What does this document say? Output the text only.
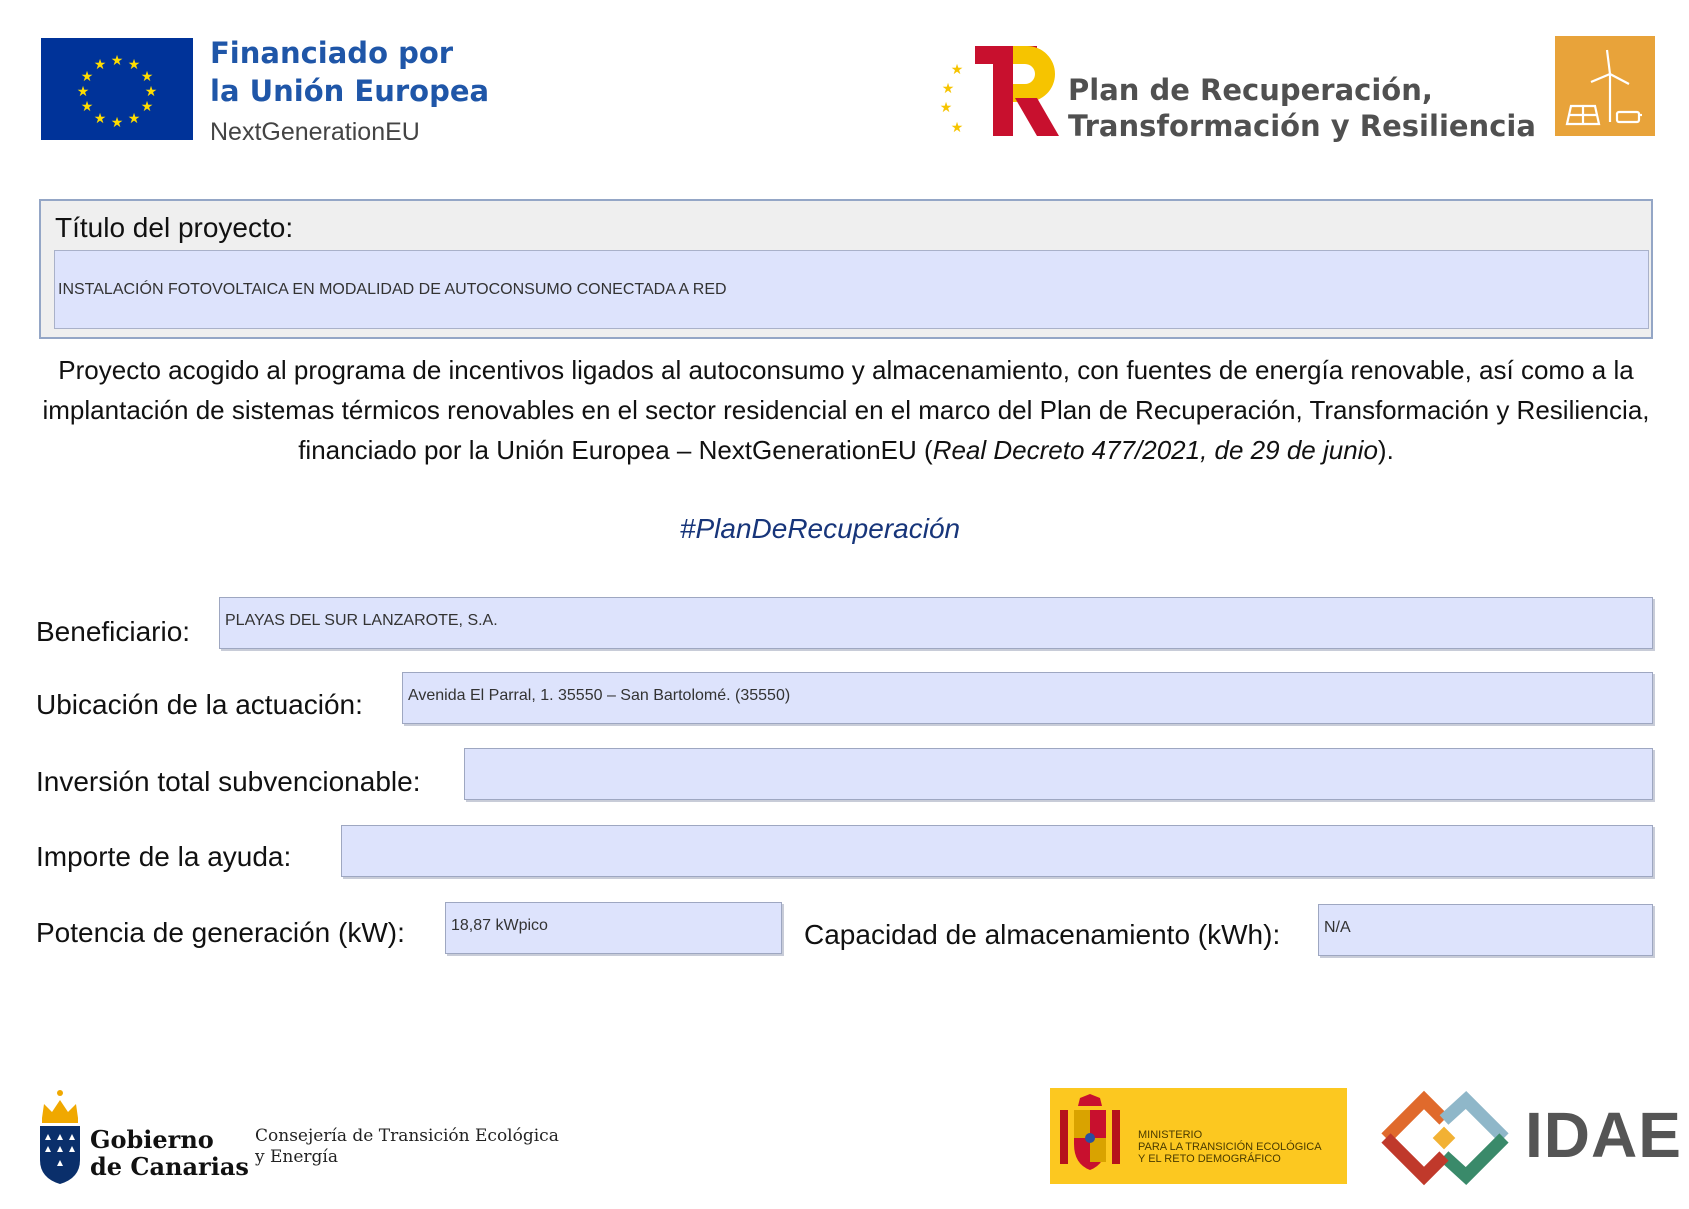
★ ★
★
★
★
★
★
★
★
★
★
★	Financiado por
la Unión Europea
NextGenerationEU
★
★
★
★
Plan de Recuperación,
Transformación y Resiliencia
Título del proyecto:
INSTALACIÓN FOTOVOLTAICA EN MODALIDAD DE AUTOCONSUMO CONECTADA A RED
Proyecto acogido al programa de incentivos ligados al autoconsumo y almacenamiento, con fuentes de energía renovable, así como a la implantación de sistemas térmicos renovables en el sector residencial en el marco del Plan de Recuperación, Transformación y Resiliencia, financiado por la Unión Europea – NextGenerationEU (Real Decreto 477/2021, de 29 de junio).
#PlanDeRecuperación
Beneficiario:	PLAYAS DEL SUR LANZAROTE, S.A.
Ubicación de la actuación:	Avenida El Parral, 1. 35550 – San Bartolomé. (35550)
Inversión total subvencionable:
Importe de la ayuda:
Potencia de generación (kW):	18,87 kWpico	Capacidad de almacenamiento (kWh):	N/A
Gobierno
de Canarias
Consejería de Transición Ecológica
y Energía
MINISTERIO
PARA LA TRANSICIÓN ECOLÓGICA
Y EL RETO DEMOGRÁFICO	IDAE
